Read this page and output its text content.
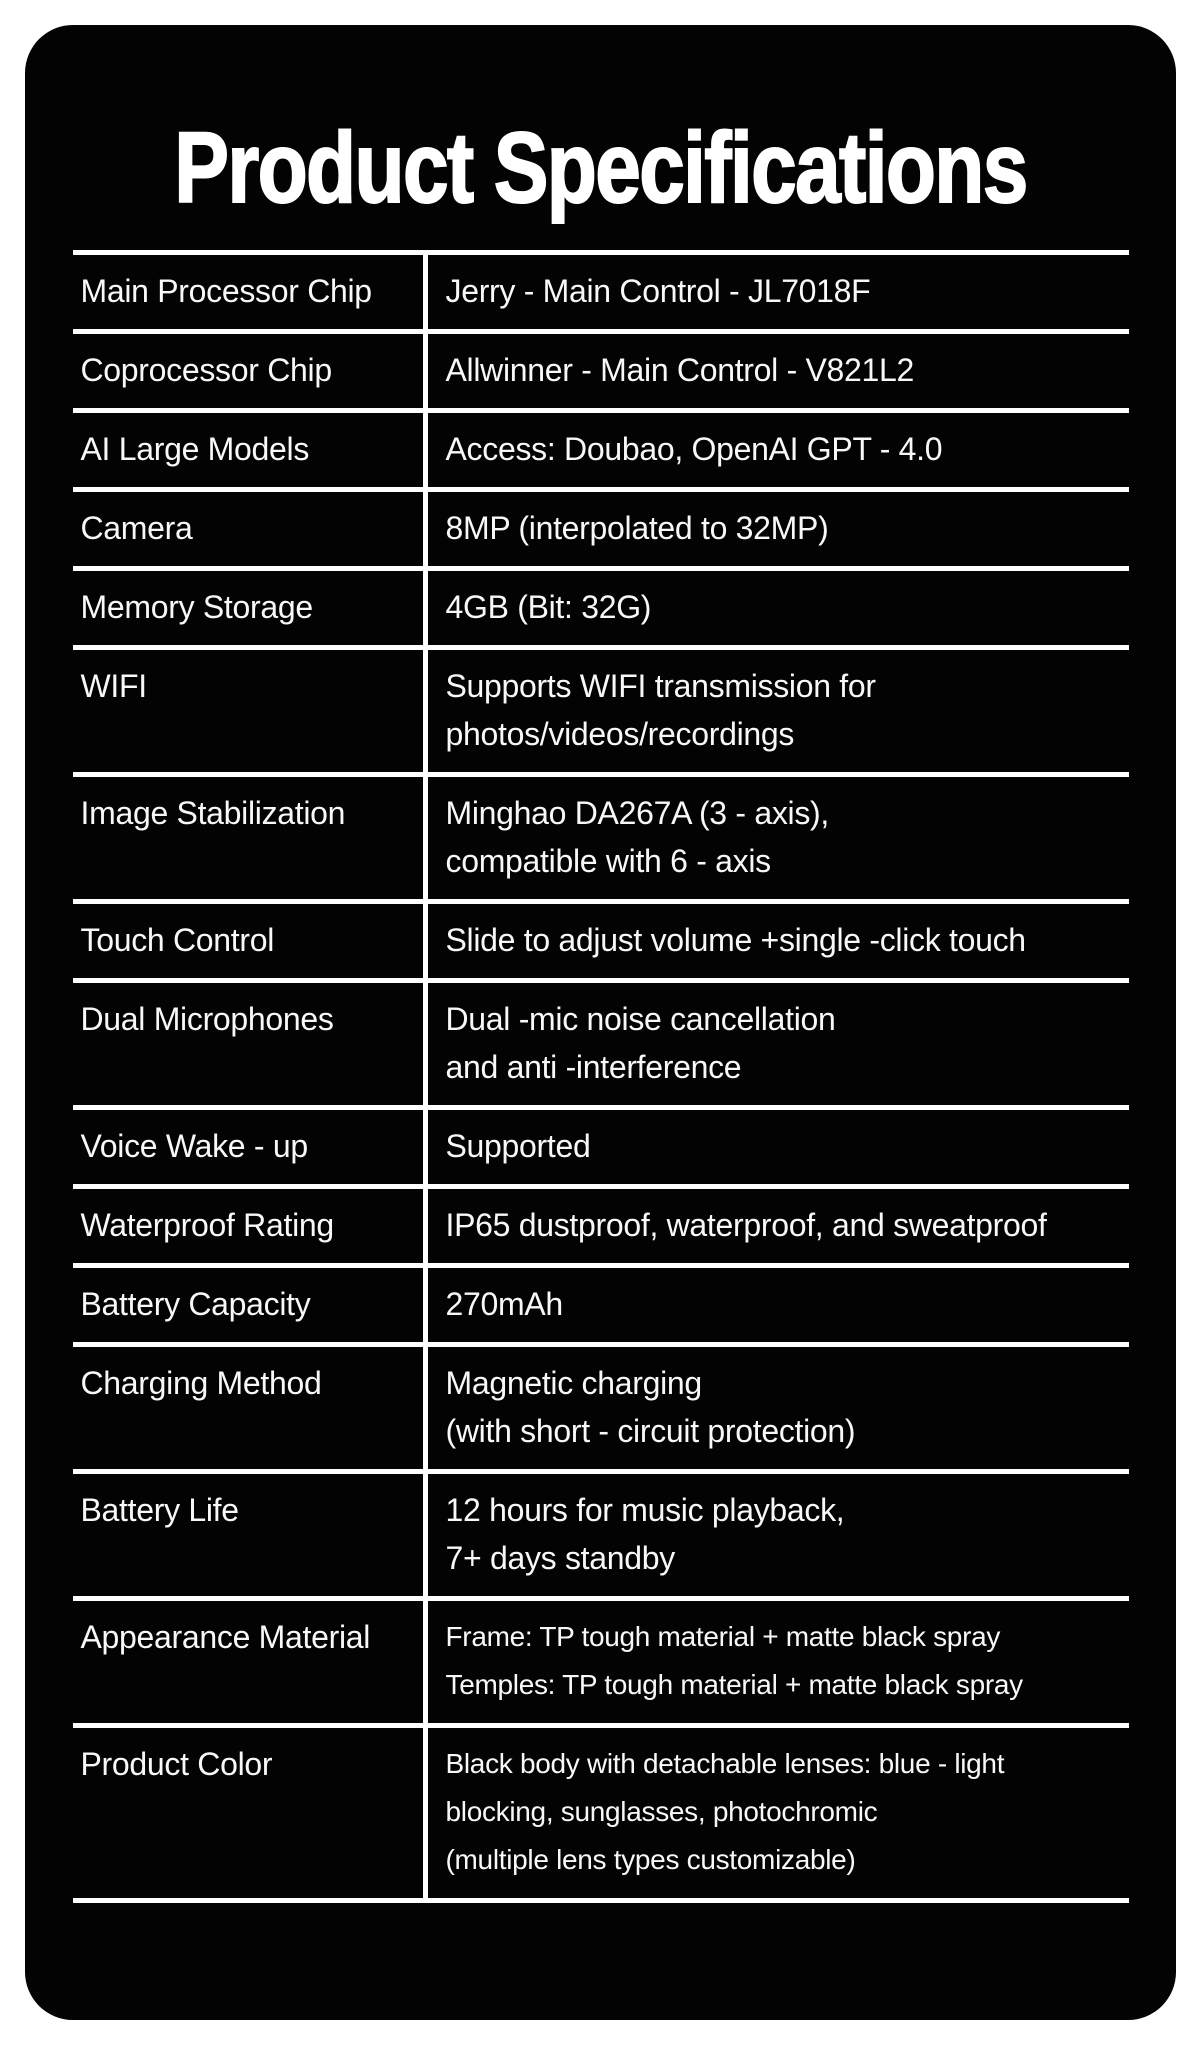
Product Specifications
Main Processor Chip	Jerry - Main Control - JL7018F
Coprocessor Chip	Allwinner - Main Control - V821L2
AI Large Models	Access: Doubao, OpenAI GPT - 4.0
Camera	8MP (interpolated to 32MP)
Memory Storage	4GB (Bit: 32G)
WIFI	Supports WIFI transmission for
photos/videos/recordings
Image Stabilization	Minghao DA267A (3 - axis),
compatible with 6 - axis
Touch Control	Slide to adjust volume +single -click touch
Dual Microphones	Dual -mic noise cancellation
and anti -interference
Voice Wake - up	Supported
Waterproof Rating	IP65 dustproof, waterproof, and sweatproof
Battery Capacity	270mAh
Charging Method	Magnetic charging
(with short - circuit protection)
Battery Life	12 hours for music playback,
7+ days standby
Appearance Material	Frame: TP tough material + matte black spray
Temples: TP tough material + matte black spray
Product Color	Black body with detachable lenses: blue - light
blocking, sunglasses, photochromic
(multiple lens types customizable)
